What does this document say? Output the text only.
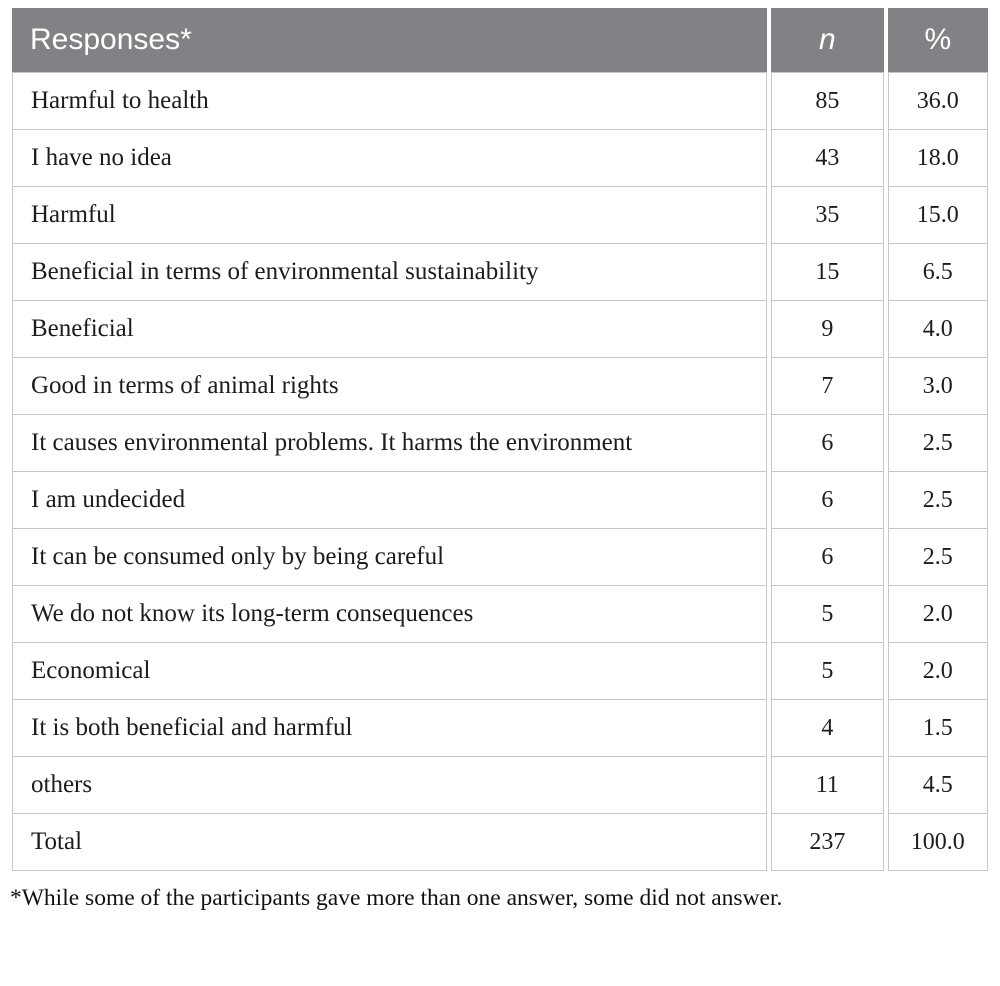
Responses*	n	%
Harmful to health	85	36.0
I have no idea	43	18.0
Harmful	35	15.0
Beneficial in terms of environmental sustainability	15	6.5
Beneficial	9	4.0
Good in terms of animal rights	7	3.0
It causes environmental problems. It harms the environment	6	2.5
I am undecided	6	2.5
It can be consumed only by being careful	6	2.5
We do not know its long-term consequences	5	2.0
Economical	5	2.0
It is both beneficial and harmful	4	1.5
others	11	4.5
Total	237	100.0

*While some of the participants gave more than one answer, some did not answer.
